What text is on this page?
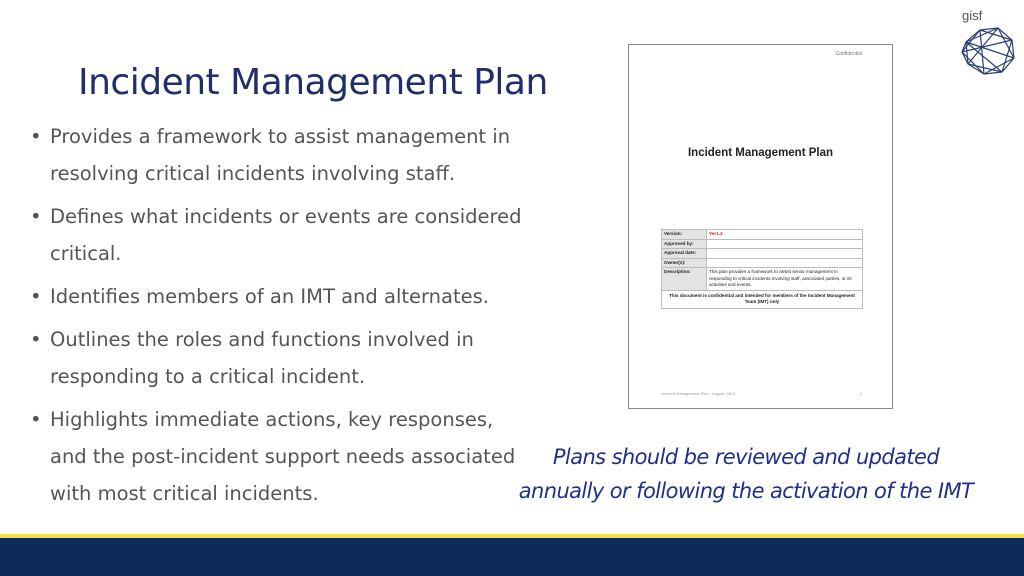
Incident Management Plan
• Provides a framework to assist management in resolving critical incidents involving staff.
• Defines what incidents or events are considered critical.
• Identifies members of an IMT and alternates.
• Outlines the roles and functions involved in responding to a critical incident.
• Highlights immediate actions, key responses, and the post-incident support needs associated with most critical incidents.
gisf
Confidential
Incident Management Plan
Version:	Ver1.3
Approved by:	
Approval date:	
Owner(s):	
Description:	This plan provides a framework to assist senior management in responding to critical incidents involving staff, associated parties, or its activities and events.
This document is confidential and intended for members of the Incident Management Team (IMT) only	
Incident Management Plan - August 20XX	1
Plans should be reviewed and updated
annually or following the activation of the IMT
